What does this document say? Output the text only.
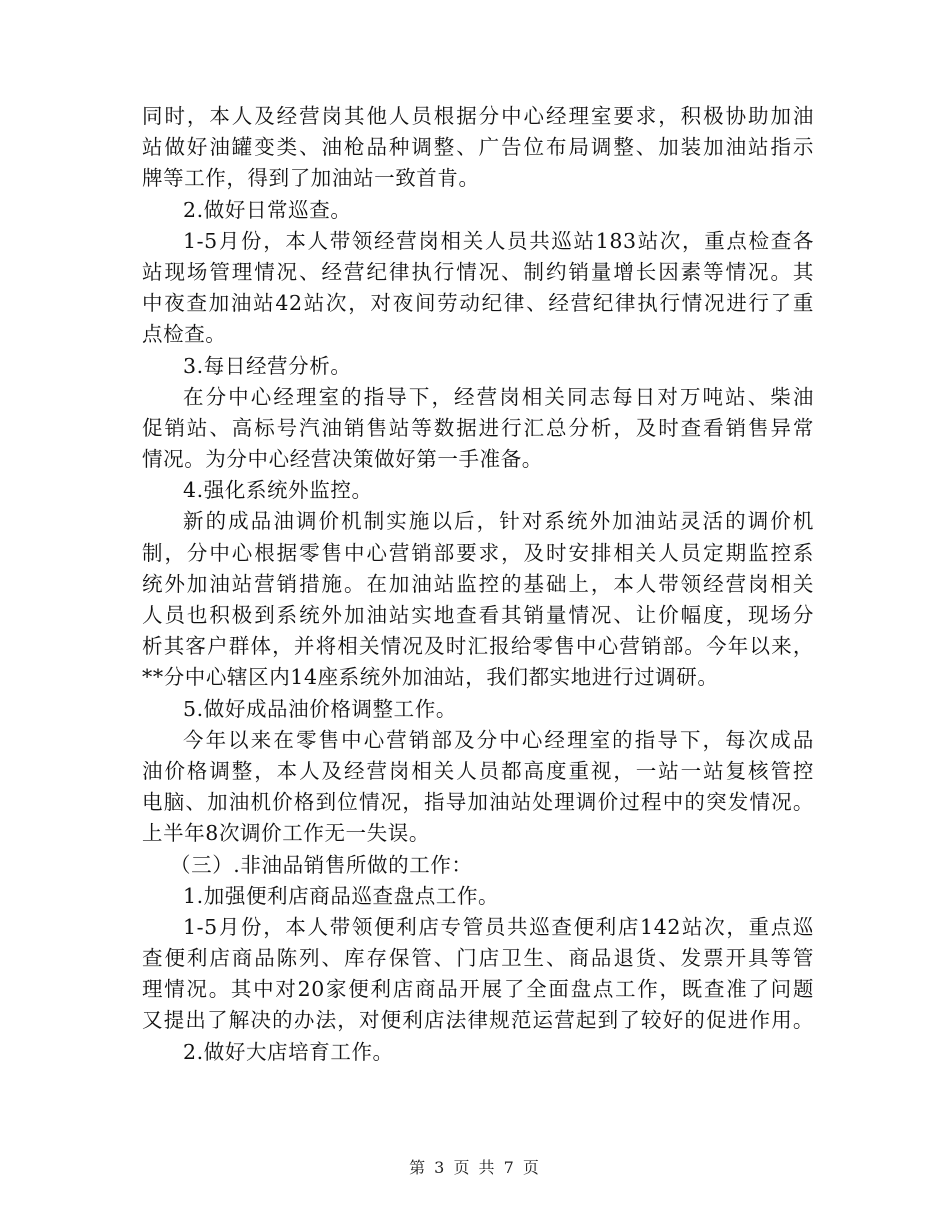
同时，本人及经营岗其他人员根据分中心经理室要求，积极协助加油
站做好油罐变类、油枪品种调整、广告位布局调整、加装加油站指示
牌等工作，得到了加油站一致首肯。
2.做好日常巡查。
1-5月份，本人带领经营岗相关人员共巡站183站次，重点检查各
站现场管理情况、经营纪律执行情况、制约销量增长因素等情况。其
中夜查加油站42站次，对夜间劳动纪律、经营纪律执行情况进行了重
点检查。
3.每日经营分析。
在分中心经理室的指导下，经营岗相关同志每日对万吨站、柴油
促销站、高标号汽油销售站等数据进行汇总分析，及时查看销售异常
情况。为分中心经营决策做好第一手准备。
4.强化系统外监控。
新的成品油调价机制实施以后，针对系统外加油站灵活的调价机
制，分中心根据零售中心营销部要求，及时安排相关人员定期监控系
统外加油站营销措施。在加油站监控的基础上，本人带领经营岗相关
人员也积极到系统外加油站实地查看其销量情况、让价幅度，现场分
析其客户群体，并将相关情况及时汇报给零售中心营销部。今年以来，
**分中心辖区内14座系统外加油站，我们都实地进行过调研。
5.做好成品油价格调整工作。
今年以来在零售中心营销部及分中心经理室的指导下，每次成品
油价格调整，本人及经营岗相关人员都高度重视，一站一站复核管控
电脑、加油机价格到位情况，指导加油站处理调价过程中的突发情况。
上半年8次调价工作无一失误。
（三）.非油品销售所做的工作：
1.加强便利店商品巡查盘点工作。
1-5月份，本人带领便利店专管员共巡查便利店142站次，重点巡
查便利店商品陈列、库存保管、门店卫生、商品退货、发票开具等管
理情况。其中对20家便利店商品开展了全面盘点工作，既查准了问题
又提出了解决的办法，对便利店法律规范运营起到了较好的促进作用。
2.做好大店培育工作。
第 3 页 共 7 页
